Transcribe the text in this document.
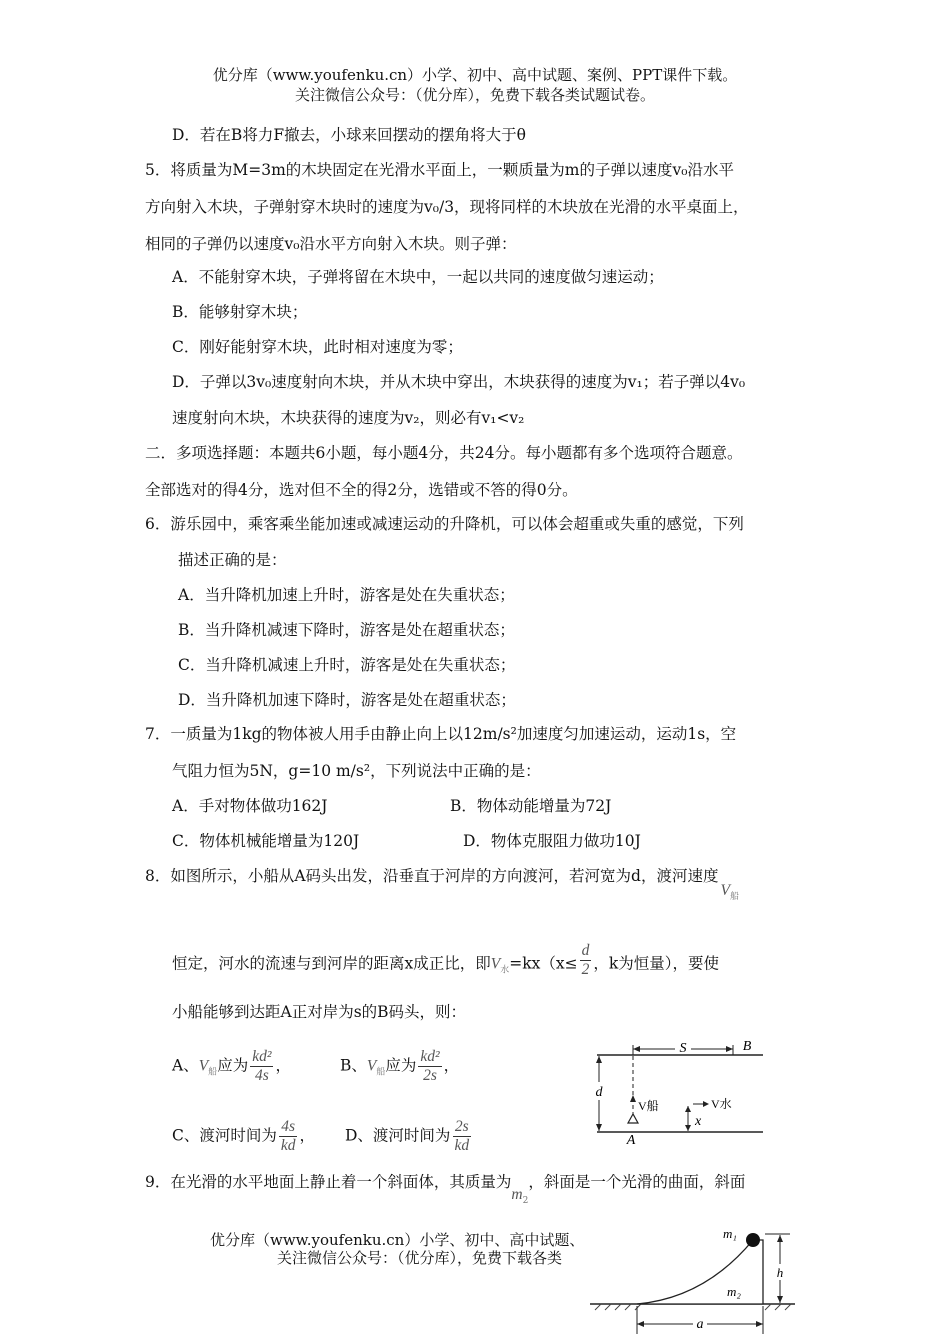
优分库（www.youfenku.cn）小学、初中、高中试题、案例、PPT课件下载。
关注微信公众号：（优分库），免费下载各类试题试卷。
D．若在B将力F撤去，小球来回摆动的摆角将大于θ
5．将质量为M=3m的木块固定在光滑水平面上，一颗质量为m的子弹以速度v₀沿水平
方向射入木块，子弹射穿木块时的速度为v₀/3，现将同样的木块放在光滑的水平桌面上，
相同的子弹仍以速度v₀沿水平方向射入木块。则子弹：
A．不能射穿木块，子弹将留在木块中，一起以共同的速度做匀速运动；
B．能够射穿木块；
C．刚好能射穿木块，此时相对速度为零；
D．子弹以3v₀速度射向木块，并从木块中穿出，木块获得的速度为v₁；若子弹以4v₀
速度射向木块，木块获得的速度为v₂，则必有v₁<v₂
二．多项选择题：本题共6小题，每小题4分，共24分。每小题都有多个选项符合题意。
全部选对的得4分，选对但不全的得2分，选错或不答的得0分。
6．游乐园中，乘客乘坐能加速或减速运动的升降机，可以体会超重或失重的感觉，下列
描述正确的是：
A．当升降机加速上升时，游客是处在失重状态；
B．当升降机减速下降时，游客是处在超重状态；
C．当升降机减速上升时，游客是处在失重状态；
D．当升降机加速下降时，游客是处在超重状态；
7．一质量为1kg的物体被人用手由静止向上以12m/s²加速度匀加速运动，运动1s，空
气阻力恒为5N，g=10 m/s²，下列说法中正确的是：
A．手对物体做功162J	B．物体动能增量为72J
C．物体机械能增量为120J	D．物体克服阻力做功10J
8．如图所示，小船从A码头出发，沿垂直于河岸的方向渡河，若河宽为d，渡河速度$V_船$
恒定，河水的流速与到河岸的距离x成正比，即$V_水=kx(x\le \frac{d}{2}$ ，k为恒量），要使
小船能够到达距A正对岸为s的B码头，则：
A、$V_船$应为 $\frac{\text{kd²}}{4s}$ ，	B、$V_船$应为 $\frac{\text{kd²}}{2s}$ ，
C、渡河时间为 $\frac{4s}{kd}$ ， D、渡河时间为 $\frac{2s}{kd}$
d
S	B
V船
A
x
V水
9．在光滑的水平地面上静止着一个斜面体，其质量为$m_2$，斜面是一个光滑的曲面，斜面
优分库（www.youfenku.cn）小学、初中、高中试题、
关注微信公众号：（优分库），免费下载各类
m₁
m₂
h
a
